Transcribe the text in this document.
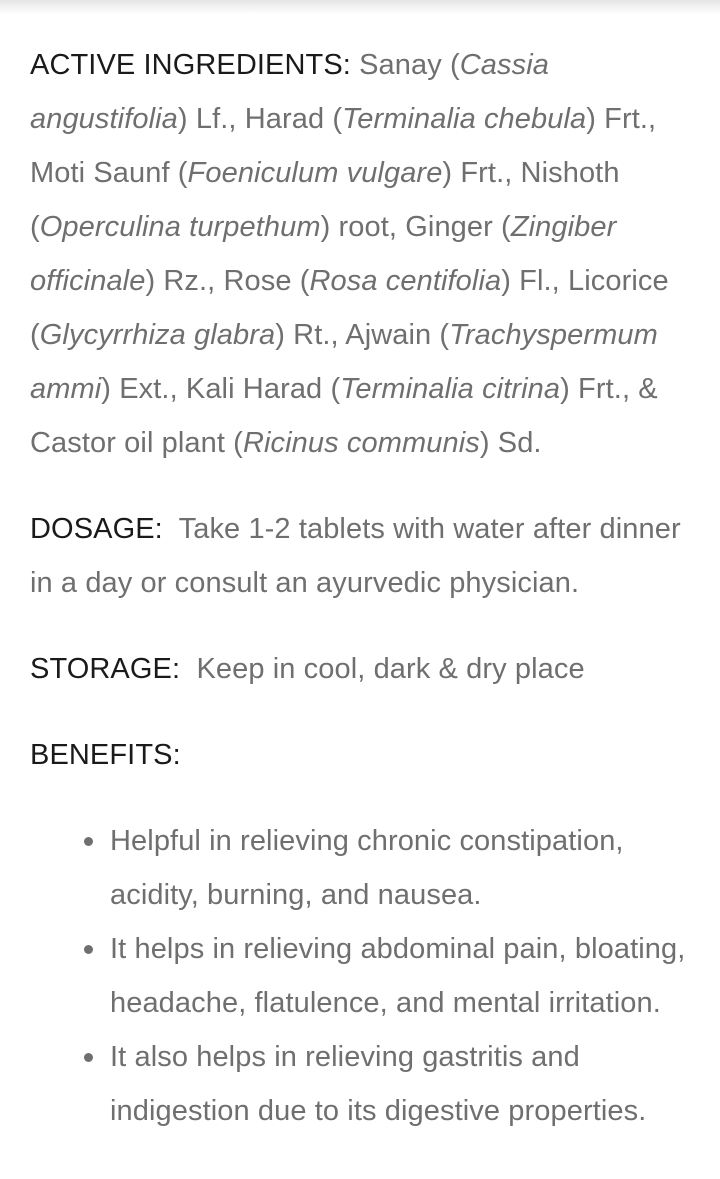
ACTIVE INGREDIENTS: Sanay (Cassia angustifolia) Lf., Harad (Terminalia chebula) Frt., Moti Saunf (Foeniculum vulgare) Frt., Nishoth (Operculina turpethum) root, Ginger (Zingiber officinale) Rz., Rose (Rosa centifolia) Fl., Licorice (Glycyrrhiza glabra) Rt., Ajwain (Trachyspermum ammi) Ext., Kali Harad (Terminalia citrina) Frt., & Castor oil plant (Ricinus communis) Sd.

DOSAGE:  Take 1-2 tablets with water after dinner in a day or consult an ayurvedic physician.

STORAGE:  Keep in cool, dark & dry place

BENEFITS:

Helpful in relieving chronic constipation, acidity, burning, and nausea.
It helps in relieving abdominal pain, bloating, headache, flatulence, and mental irritation.
It also helps in relieving gastritis and indigestion due to its digestive properties.
